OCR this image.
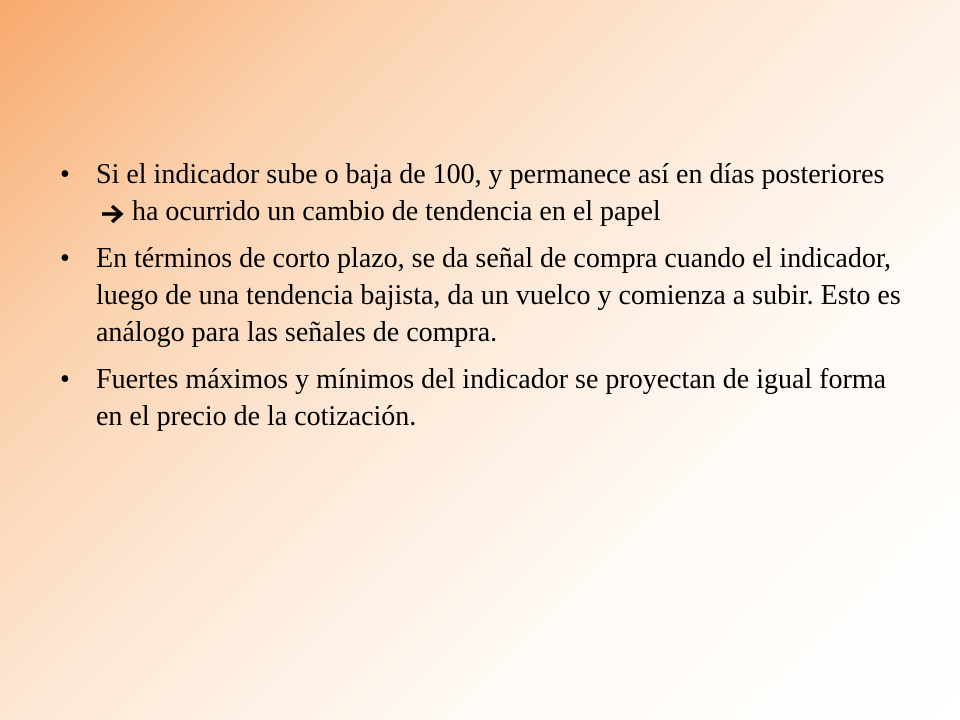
• Si el indicador sube o baja de 100, y permanece así en días posterioresha ocurrido un cambio de tendencia en el papel
• En términos de corto plazo, se da señal de compra cuando el indicador, luego de una tendencia bajista, da un vuelco y comienza a subir. Esto es análogo para las señales de compra.
• Fuertes máximos y mínimos del indicador se proyectan de igual forma en el precio de la cotización.
